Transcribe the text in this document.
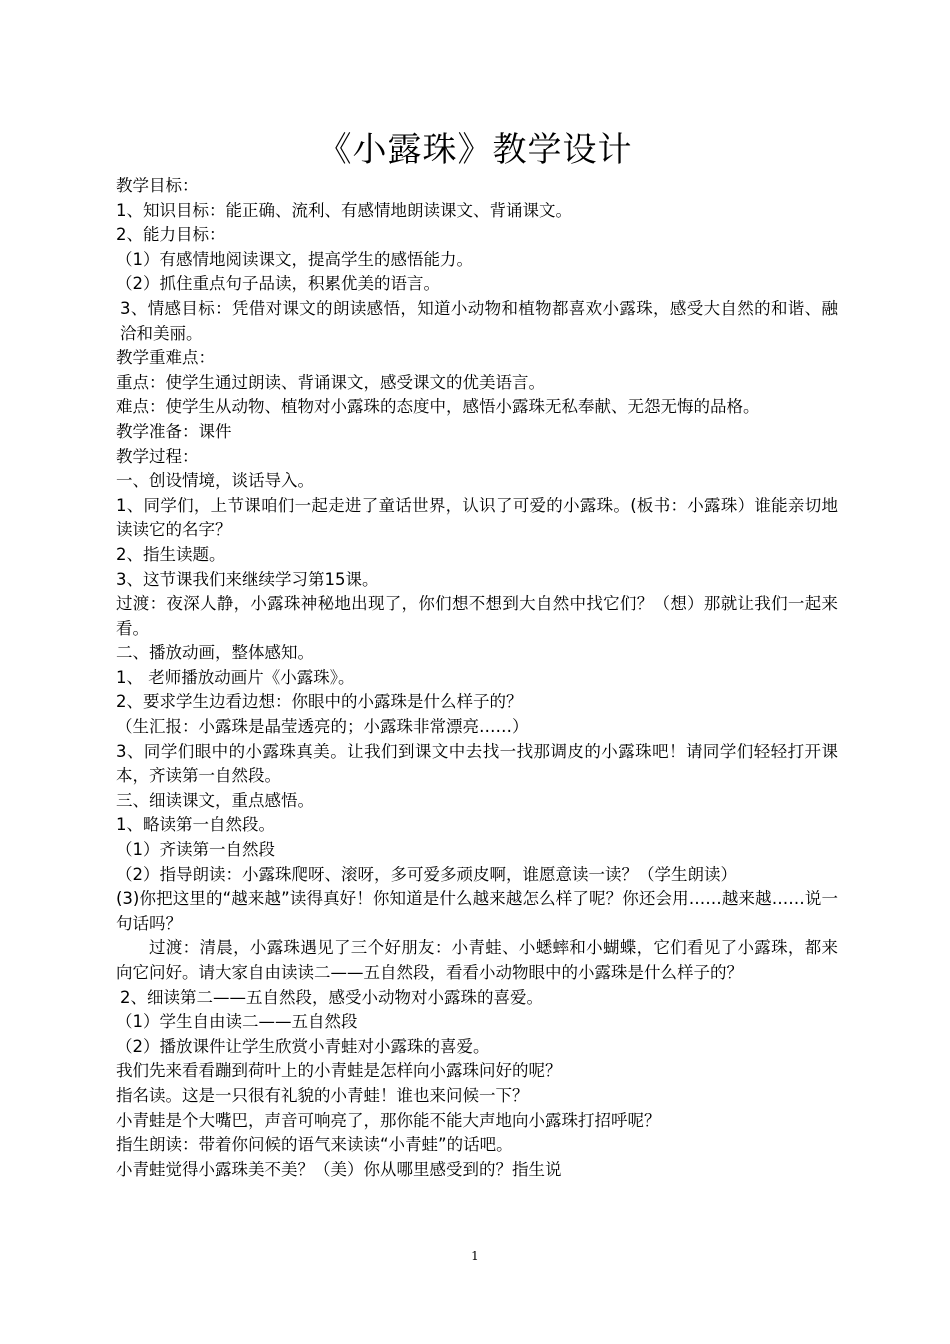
《小露珠》教学设计
教学目标：
1、知识目标：能正确、流利、有感情地朗读课文、背诵课文。
2、能力目标：
（1）有感情地阅读课文，提高学生的感悟能力。
（2）抓住重点句子品读，积累优美的语言。
3、情感目标：凭借对课文的朗读感悟，知道小动物和植物都喜欢小露珠，感受大自然的和谐、融洽和美丽。
教学重难点：
重点：使学生通过朗读、背诵课文，感受课文的优美语言。
难点：使学生从动物、植物对小露珠的态度中，感悟小露珠无私奉献、无怨无悔的品格。
教学准备：课件
教学过程：
一、创设情境，谈话导入。
1、同学们，上节课咱们一起走进了童话世界，认识了可爱的小露珠。(板书：小露珠）谁能亲切地读读它的名字？
2、指生读题。
3、这节课我们来继续学习第15课。
过渡：夜深人静，小露珠神秘地出现了，你们想不想到大自然中找它们？（想）那就让我们一起来看。
二、播放动画，整体感知。
1、 老师播放动画片《小露珠》。
2、要求学生边看边想：你眼中的小露珠是什么样子的？
（生汇报：小露珠是晶莹透亮的；小露珠非常漂亮……）
3、同学们眼中的小露珠真美。让我们到课文中去找一找那调皮的小露珠吧！请同学们轻轻打开课本，齐读第一自然段。
三、细读课文，重点感悟。
1、略读第一自然段。
（1）齐读第一自然段
（2）指导朗读：小露珠爬呀、滚呀，多可爱多顽皮啊，谁愿意读一读？（学生朗读）
(3)你把这里的“越来越”读得真好！你知道是什么越来越怎么样了呢？你还会用……越来越……说一句话吗？
过渡：清晨，小露珠遇见了三个好朋友：小青蛙、小蟋蟀和小蝴蝶，它们看见了小露珠，都来向它问好。请大家自由读读二——五自然段，看看小动物眼中的小露珠是什么样子的？
2、细读第二——五自然段，感受小动物对小露珠的喜爱。
（1）学生自由读二——五自然段
（2）播放课件让学生欣赏小青蛙对小露珠的喜爱。
我们先来看看蹦到荷叶上的小青蛙是怎样向小露珠问好的呢？
指名读。这是一只很有礼貌的小青蛙！谁也来问候一下？
小青蛙是个大嘴巴，声音可响亮了，那你能不能大声地向小露珠打招呼呢？
指生朗读：带着你问候的语气来读读“小青蛙”的话吧。
小青蛙觉得小露珠美不美？（美）你从哪里感受到的？指生说
1
